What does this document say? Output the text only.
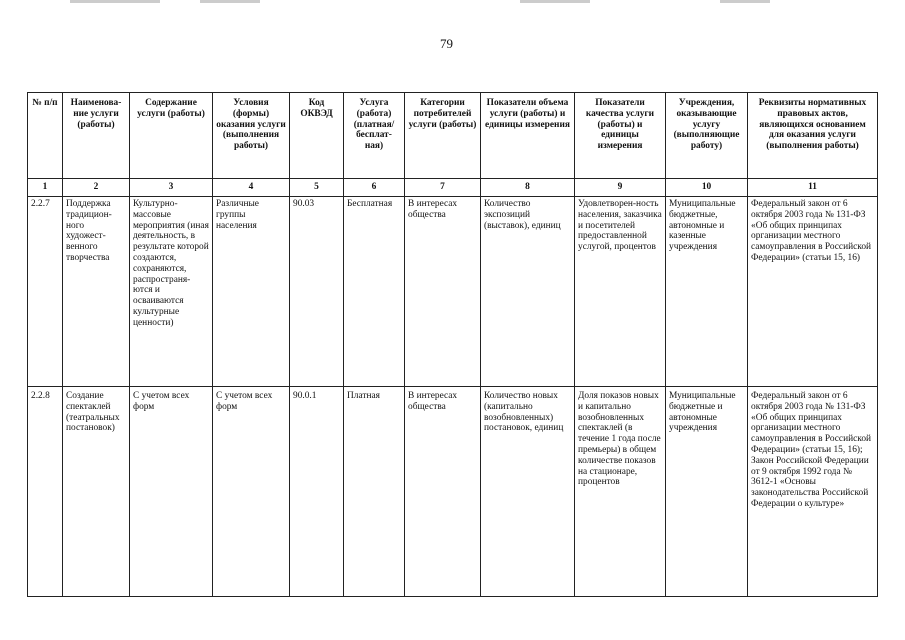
79
№ п/п	Наименова-ние услуги (работы)	Содержание услуги (работы)	Условия (формы) оказания услуги (выполнения работы)	Код ОКВЭД	Услуга (работа) (платная/ бесплат-ная)	Категории потребителей услуги (работы)	Показатели объема услуги (работы) и единицы измерения	Показатели качества услуги (работы) и единицы измерения	Учреждения, оказывающие услугу (выполняющие работу)	Реквизиты нормативных правовых актов, являющихся основанием для оказания услуги (выполнения работы)
1	2	3	4	5	6	7	8	9	10	11
2.2.7	Поддержка традицион-ного художест-венного творчества	Культурно-массовые мероприятия (иная деятельность, в результате которой создаются, сохраняются, распространя-ются и осваиваются культурные ценности)	Различные группы населения	90.03	Бесплатная	В интересах общества	Количество экспозиций (выставок), единиц	Удовлетворен-ность населения, заказчика и посетителей предоставленной услугой, процентов	Муниципальные бюджетные, автономные и казенные учреждения	Федеральный закон от 6 октября 2003 года № 131-ФЗ «Об общих принципах организации местного самоуправления в Российской Федерации» (статьи 15, 16)
2.2.8	Создание спектаклей (театральных постановок)	С учетом всех форм	С учетом всех форм	90.0.1	Платная	В интересах общества	Количество новых (капитально возобновленных) постановок, единиц	Доля показов новых и капитально возобновленных спектаклей (в течение 1 года после премьеры) в общем количестве показов на стационаре, процентов	Муниципальные бюджетные и автономные учреждения	Федеральный закон от 6 октября 2003 года № 131-ФЗ «Об общих принципах организации местного самоуправления в Российской Федерации» (статьи 15, 16); Закон Российской Федерации от 9 октября 1992 года № 3612-1 «Основы законодательства Российской Федерации о культуре»
